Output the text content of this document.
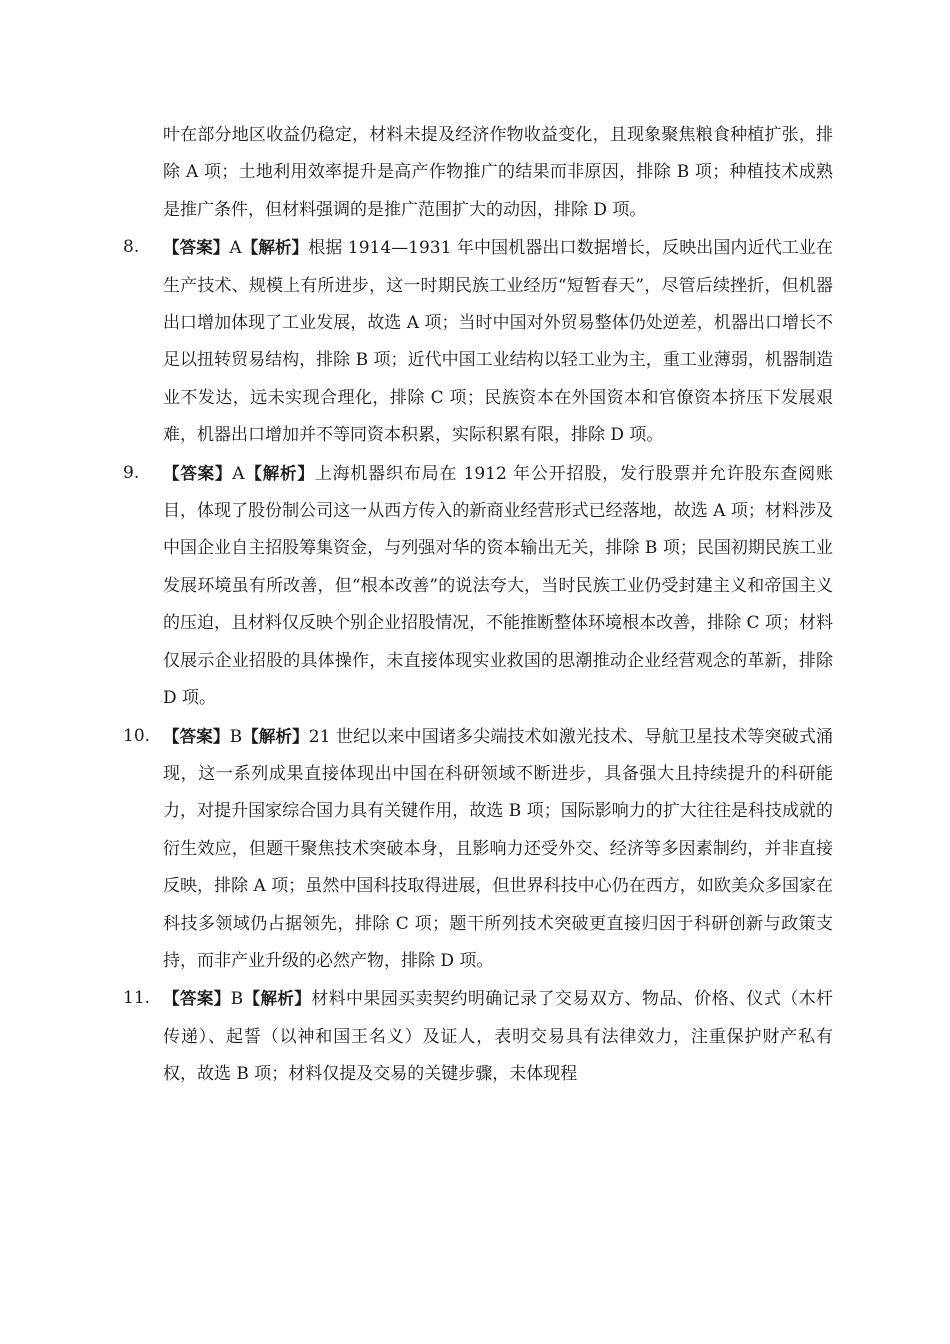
叶在部分地区收益仍稳定，材料未提及经济作物收益变化，且现象聚焦粮食种植扩张，排除 A 项；土地利用效率提升是高产作物推广的结果而非原因，排除 B 项；种植技术成熟是推广条件，但材料强调的是推广范围扩大的动因，排除 D 项。

8.	【答案】A【解析】根据 1914—1931 年中国机器出口数据增长，反映出国内近代工业在生产技术、规模上有所进步，这一时期民族工业经历“短暂春天”，尽管后续挫折，但机器出口增加体现了工业发展，故选 A 项；当时中国对外贸易整体仍处逆差，机器出口增长不足以扭转贸易结构，排除 B 项；近代中国工业结构以轻工业为主，重工业薄弱，机器制造业不发达，远未实现合理化，排除 C 项；民族资本在外国资本和官僚资本挤压下发展艰难，机器出口增加并不等同资本积累，实际积累有限，排除 D 项。
9.	【答案】A【解析】上海机器织布局在 1912 年公开招股，发行股票并允许股东查阅账目，体现了股份制公司这一从西方传入的新商业经营形式已经落地，故选 A 项；材料涉及中国企业自主招股筹集资金，与列强对华的资本输出无关，排除 B 项；民国初期民族工业发展环境虽有所改善，但“根本改善”的说法夸大，当时民族工业仍受封建主义和帝国主义的压迫，且材料仅反映个别企业招股情况，不能推断整体环境根本改善，排除 C 项；材料仅展示企业招股的具体操作，未直接体现实业救国的思潮推动企业经营观念的革新，排除 D 项。
10. 【答案】B【解析】21 世纪以来中国诸多尖端技术如激光技术、导航卫星技术等突破式涌现，这一系列成果直接体现出中国在科研领域不断进步，具备强大且持续提升的科研能力，对提升国家综合国力具有关键作用，故选 B 项；国际影响力的扩大往往是科技成就的衍生效应，但题干聚焦技术突破本身，且影响力还受外交、经济等多因素制约，并非直接反映，排除 A 项；虽然中国科技取得进展，但世界科技中心仍在西方，如欧美众多国家在科技多领域仍占据领先，排除 C 项；题干所列技术突破更直接归因于科研创新与政策支持，而非产业升级的必然产物，排除 D 项。
11. 【答案】B【解析】材料中果园买卖契约明确记录了交易双方、物品、价格、仪式（木杆传递）、起誓（以神和国王名义）及证人，表明交易具有法律效力，注重保护财产私有权，故选 B 项；材料仅提及交易的关键步骤，未体现程
